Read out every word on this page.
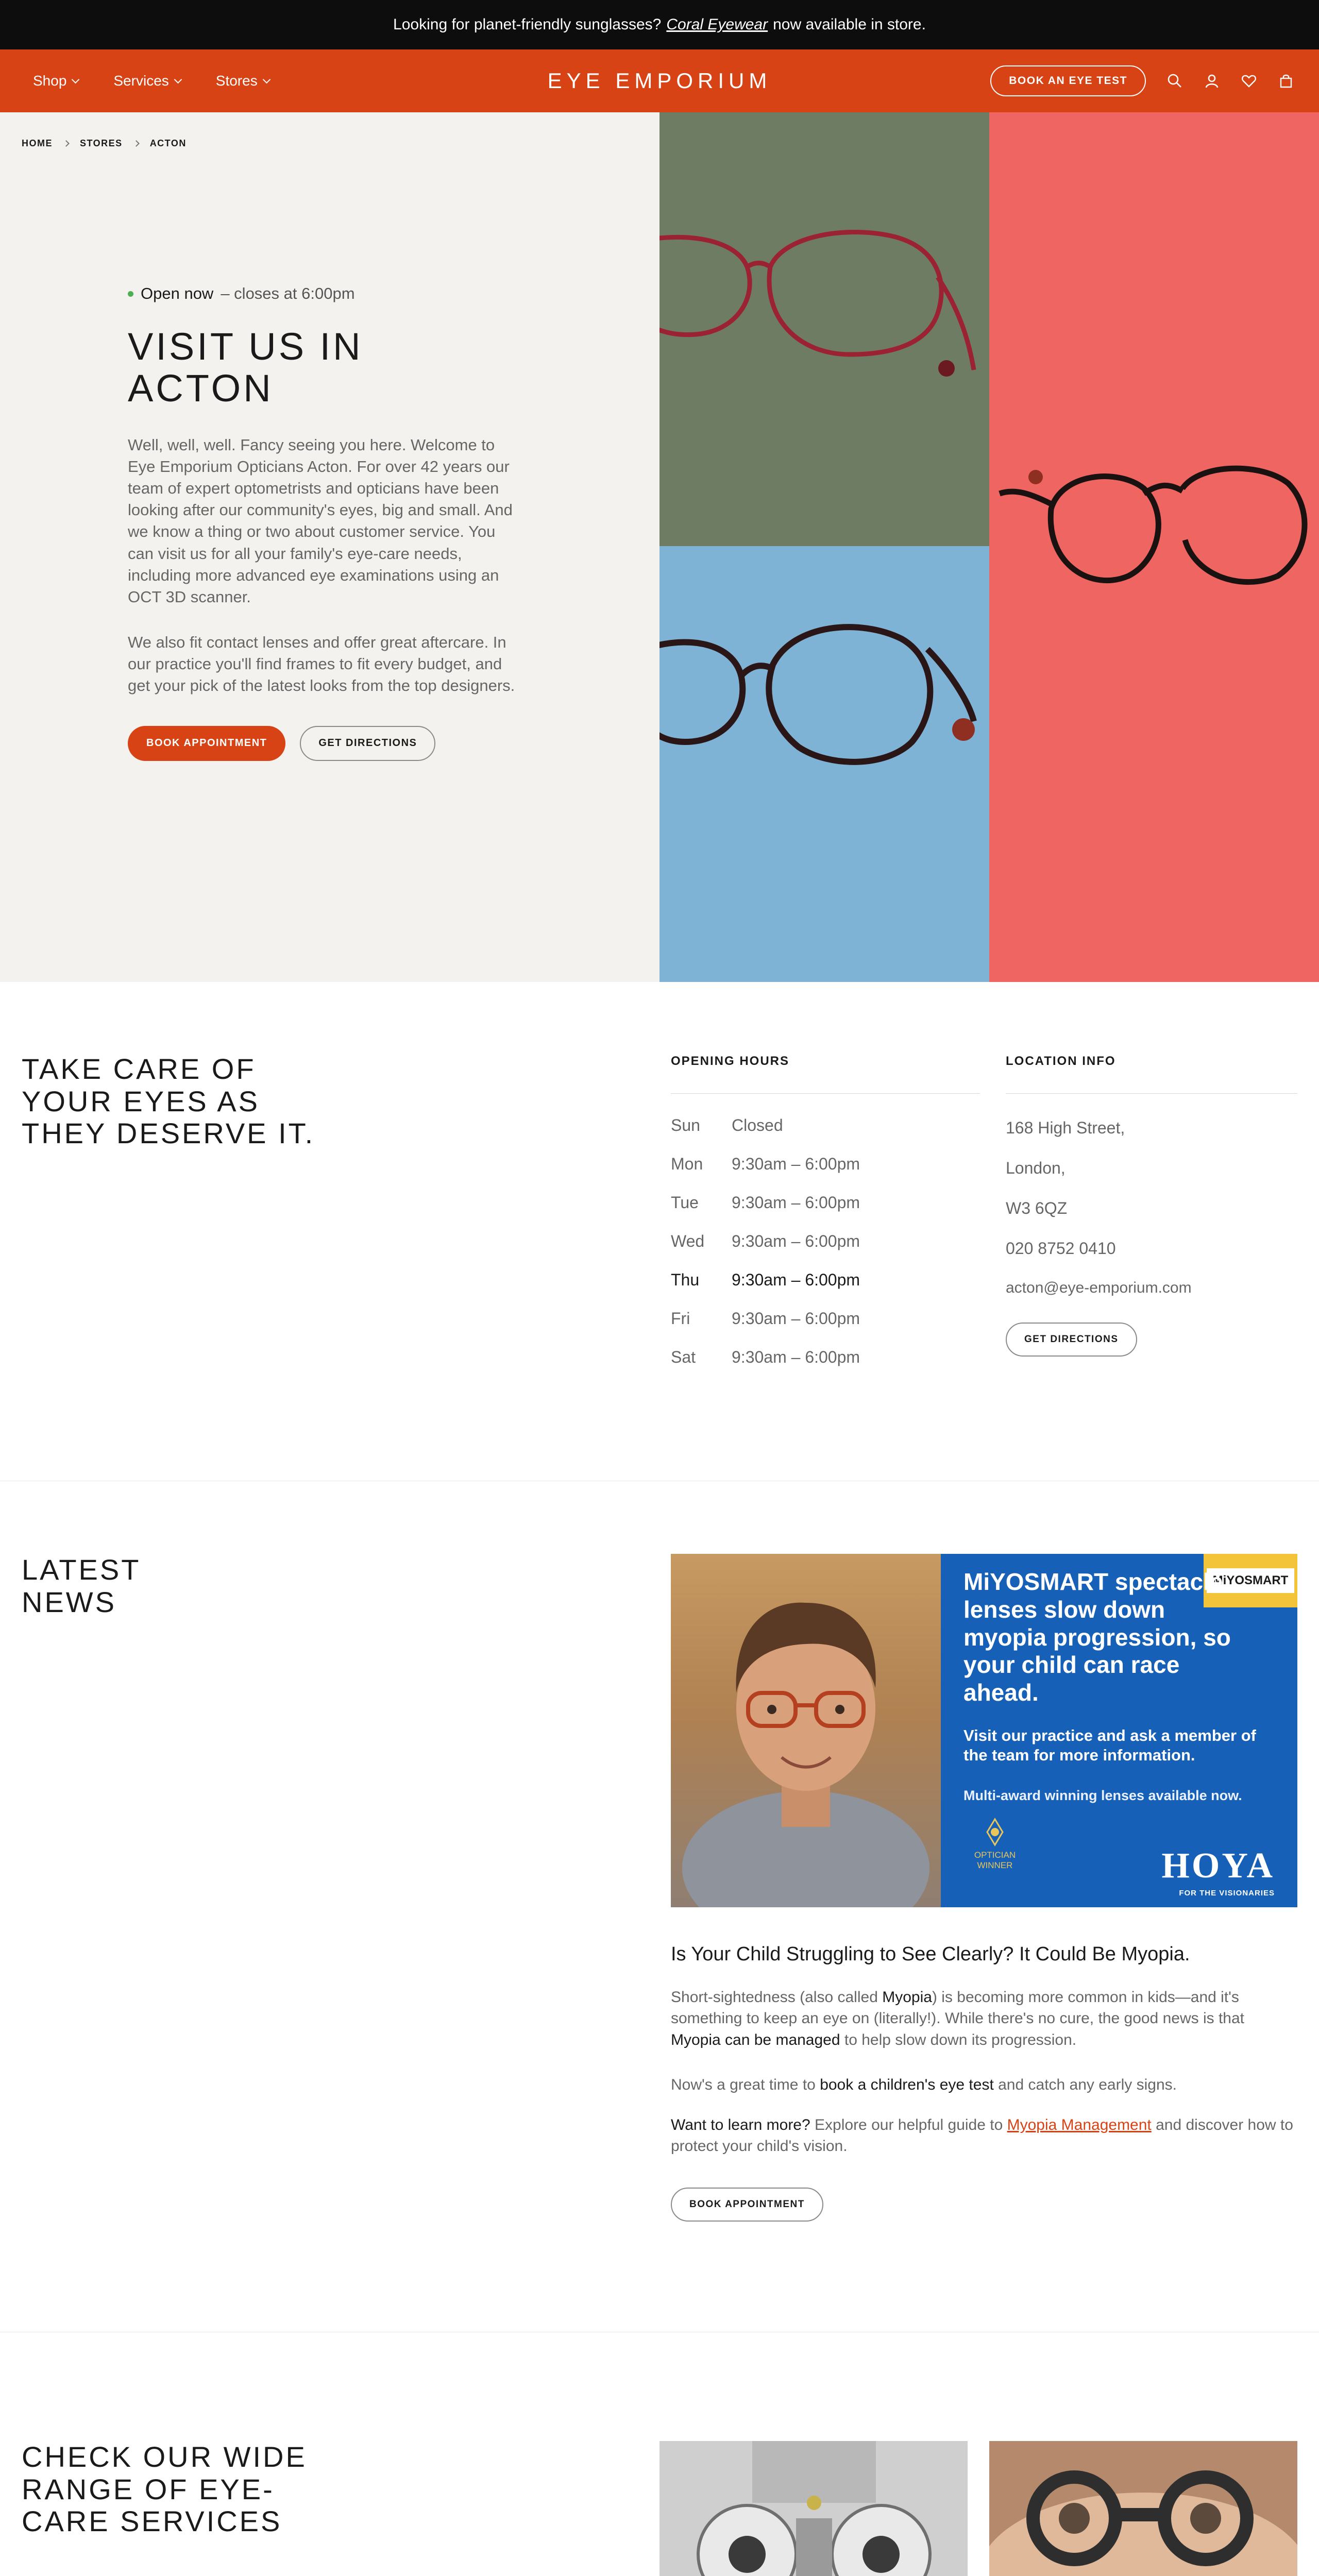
Looking for planet-friendly sunglasses? Coral Eyewear now available in store.
Shop	Services	Stores	EYE EMPORIUM	BOOK AN EYE TEST
HOME	STORES	ACTON
Open now – closes at 6:00pm
VISIT US IN
ACTON

Well, well, well. Fancy seeing you here. Welcome to Eye Emporium Opticians Acton. For over 42 years our team of expert optometrists and opticians have been looking after our community's eyes, big and small. And we know a thing or two about customer service. You can visit us for all your family's eye-care needs, including more advanced eye examinations using an OCT 3D scanner.

We also fit contact lenses and offer great aftercare. In our practice you'll find frames to fit every budget, and get your pick of the latest looks from the top designers.

BOOK APPOINTMENT	GET DIRECTIONS
TAKE CARE OF
YOUR EYES AS
THEY DESERVE IT.
OPENING HOURS
Sun	Closed
Mon	9:30am – 6:00pm
Tue	9:30am – 6:00pm
Wed	9:30am – 6:00pm
Thu	9:30am – 6:00pm
Fri	9:30am – 6:00pm
Sat	9:30am – 6:00pm
LOCATION INFO
168 High Street,
London,
W3 6QZ
020 8752 0410
acton@eye-emporium.com
GET DIRECTIONS
LATEST
NEWS
MiYOSMART
MiYOSMART spectacle lenses slow down myopia progression, so your child can race ahead.
Visit our practice and ask a member of the team for more information.
Multi-award winning lenses available now.
OPTICIAN
WINNER	HOYA
FOR THE VISIONARIES
Is Your Child Struggling to See Clearly? It Could Be Myopia.

Short-sightedness (also called Myopia) is becoming more common in kids—and it's something to keep an eye on (literally!). While there's no cure, the good news is that Myopia can be managed to help slow down its progression.

Now's a great time to book a children's eye test and catch any early signs.

Want to learn more? Explore our helpful guide to Myopia Management and discover how to protect your child's vision.

BOOK APPOINTMENT
CHECK OUR WIDE
RANGE OF EYE-
CARE SERVICES
